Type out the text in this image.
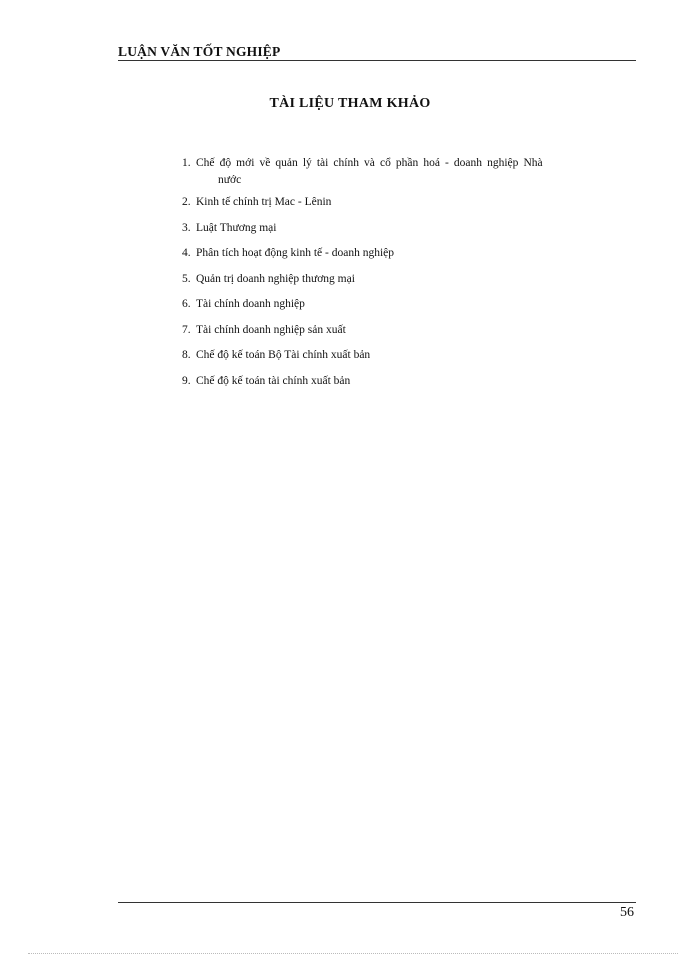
LUẬN VĂN TỐT NGHIỆP
TÀI LIỆU THAM KHẢO
1. Chế độ mới về quản lý tài chính và cổ phần hoá - doanh nghiệp Nhà
nước
2. Kinh tế chính trị Mac - Lênin
3. Luật Thương mại
4. Phân tích hoạt động kinh tế - doanh nghiệp
5. Quản trị doanh nghiệp thương mại
6. Tài chính doanh nghiệp
7. Tài chính doanh nghiệp sản xuất
8. Chế độ kế toán Bộ Tài chính xuất bản
9. Chế độ kế toán tài chính xuất bản
56
